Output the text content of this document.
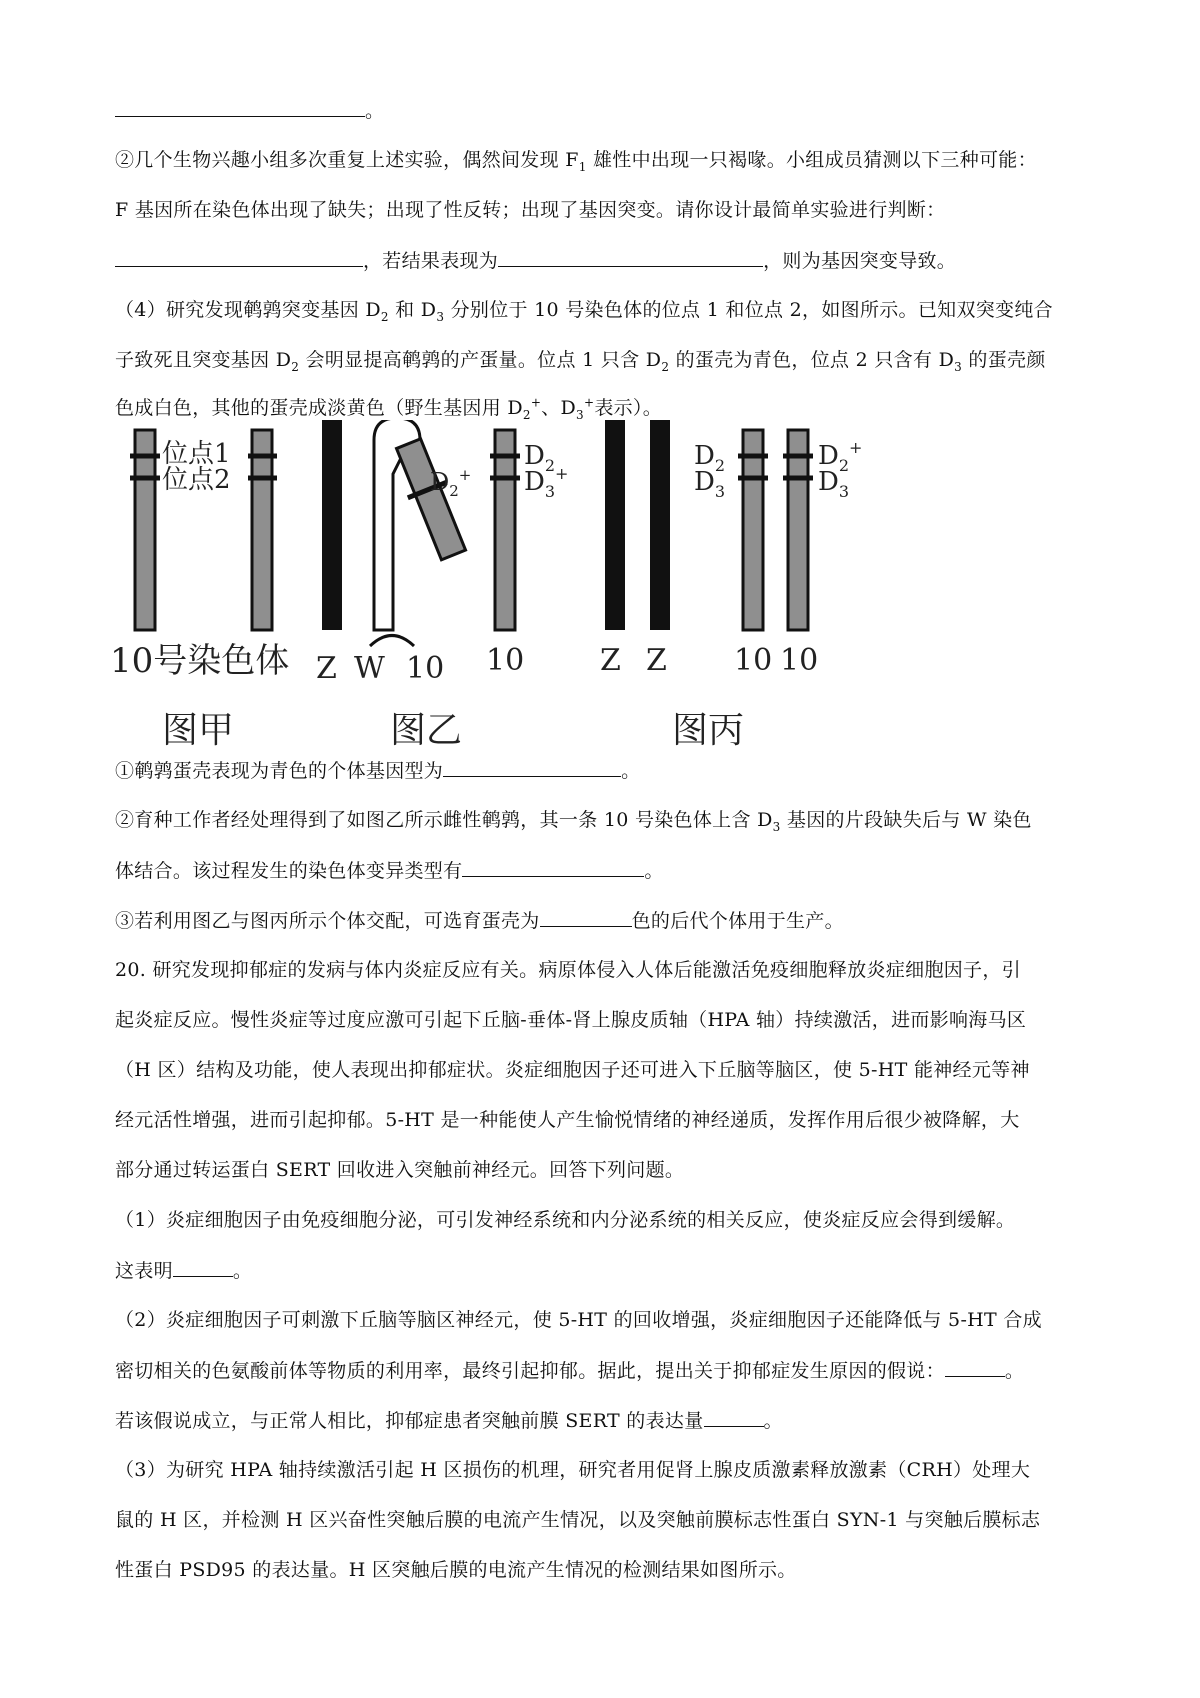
。
②几个生物兴趣小组多次重复上述实验，偶然间发现 $F_1$ 雄性中出现一只褐喙。小组成员猜测以下三种可能：
F 基因所在染色体出现了缺失；出现了性反转；出现了基因突变。请你设计最简单实验进行判断：
，若结果表现为	，则为基因突变导致。
（4）研究发现鹌鹑突变基因 $D_2$ 和 $D_3$ 分别位于 10 号染色体的位点 1 和位点 2，如图所示。已知双突变纯合
子致死且突变基因 $D_2$ 会明显提高鹌鹑的产蛋量。位点 1 只含 $D_2$ 的蛋壳为青色，位点 2 只含有 $D_3$ 的蛋壳颜
色成白色，其他的蛋壳成淡黄色（野生基因用 $D_2^+$、$D_3^+$表示）。
位点1
位点2
10号染色体
图甲
$D_2^+$
Z W 10
$D_2$
$D_3^+$
10
图乙
Z Z
$D_2$
$D_3$
$D_2^+$
$D_3$
10 10
图丙
①鹌鹑蛋壳表现为青色的个体基因型为	。
②育种工作者经处理得到了如图乙所示雌性鹌鹑，其一条 10 号染色体上含 $D_3$ 基因的片段缺失后与 W 染色
体结合。该过程发生的染色体变异类型有	。
③若利用图乙与图丙所示个体交配，可选育蛋壳为	色的后代个体用于生产。
20. 研究发现抑郁症的发病与体内炎症反应有关。病原体侵入人体后能激活免疫细胞释放炎症细胞因子，引
起炎症反应。慢性炎症等过度应激可引起下丘脑-垂体-肾上腺皮质轴（HPA 轴）持续激活，进而影响海马区
（H 区）结构及功能，使人表现出抑郁症状。炎症细胞因子还可进入下丘脑等脑区，使 5-HT 能神经元等神
经元活性增强，进而引起抑郁。5-HT 是一种能使人产生愉悦情绪的神经递质，发挥作用后很少被降解，大
部分通过转运蛋白 SERT 回收进入突触前神经元。回答下列问题。
（1）炎症细胞因子由免疫细胞分泌，可引发神经系统和内分泌系统的相关反应，使炎症反应会得到缓解。
这表明	。
（2）炎症细胞因子可刺激下丘脑等脑区神经元，使 5-HT 的回收增强，炎症细胞因子还能降低与 5-HT 合成
密切相关的色氨酸前体等物质的利用率，最终引起抑郁。据此，提出关于抑郁症发生原因的假说：	。
若该假说成立，与正常人相比，抑郁症患者突触前膜 SERT 的表达量	。
（3）为研究 HPA 轴持续激活引起 H 区损伤的机理，研究者用促肾上腺皮质激素释放激素（CRH）处理大
鼠的 H 区，并检测 H 区兴奋性突触后膜的电流产生情况，以及突触前膜标志性蛋白 SYN-1 与突触后膜标志
性蛋白 PSD95 的表达量。H 区突触后膜的电流产生情况的检测结果如图所示。
